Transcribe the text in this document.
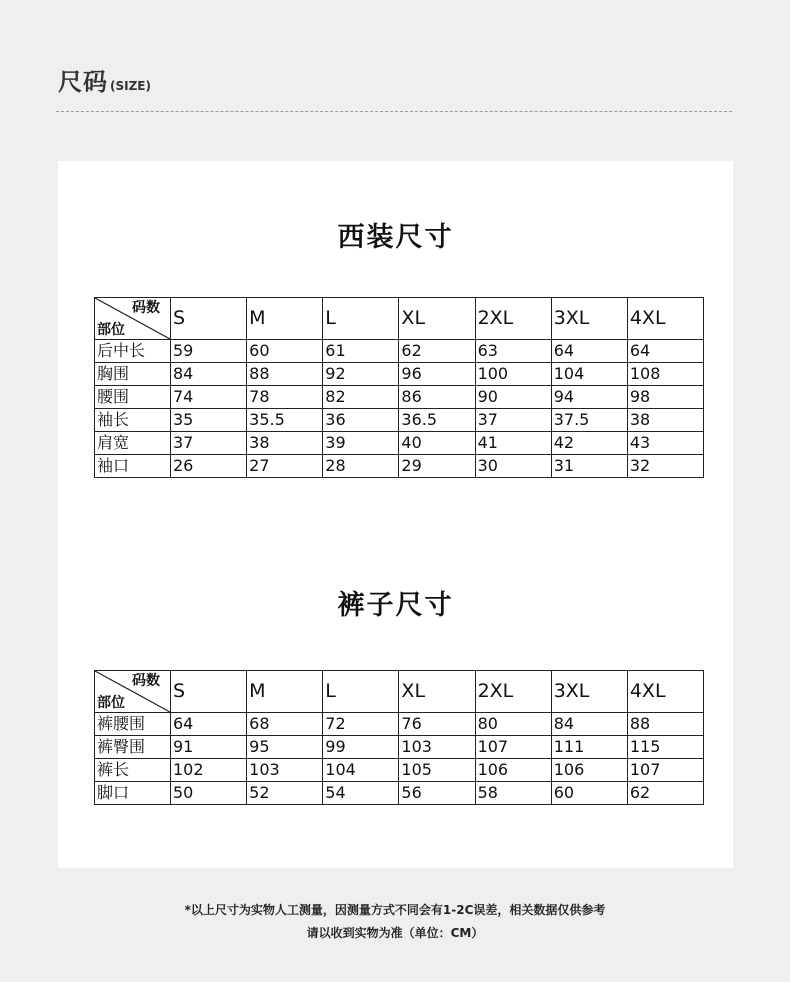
尺码 (SIZE)
西装尺寸
码数
部位	S	M	L	XL	2XL	3XL	4XL
后中长	59	60	61	62	63	64	64
胸围	84	88	92	96	100	104	108
腰围	74	78	82	86	90	94	98
袖长	35	35.5	36	36.5	37	37.5	38
肩宽	37	38	39	40	41	42	43
袖口	26	27	28	29	30	31	32
裤子尺寸
码数
部位	S	M	L	XL	2XL	3XL	4XL
裤腰围	64	68	72	76	80	84	88
裤臀围	91	95	99	103	107	111	115
裤长	102	103	104	105	106	106	107
脚口	50	52	54	56	58	60	62
*以上尺寸为实物人工测量，因测量方式不同会有1-2C误差，相关数据仅供参考
请以收到实物为准（单位：CM）
